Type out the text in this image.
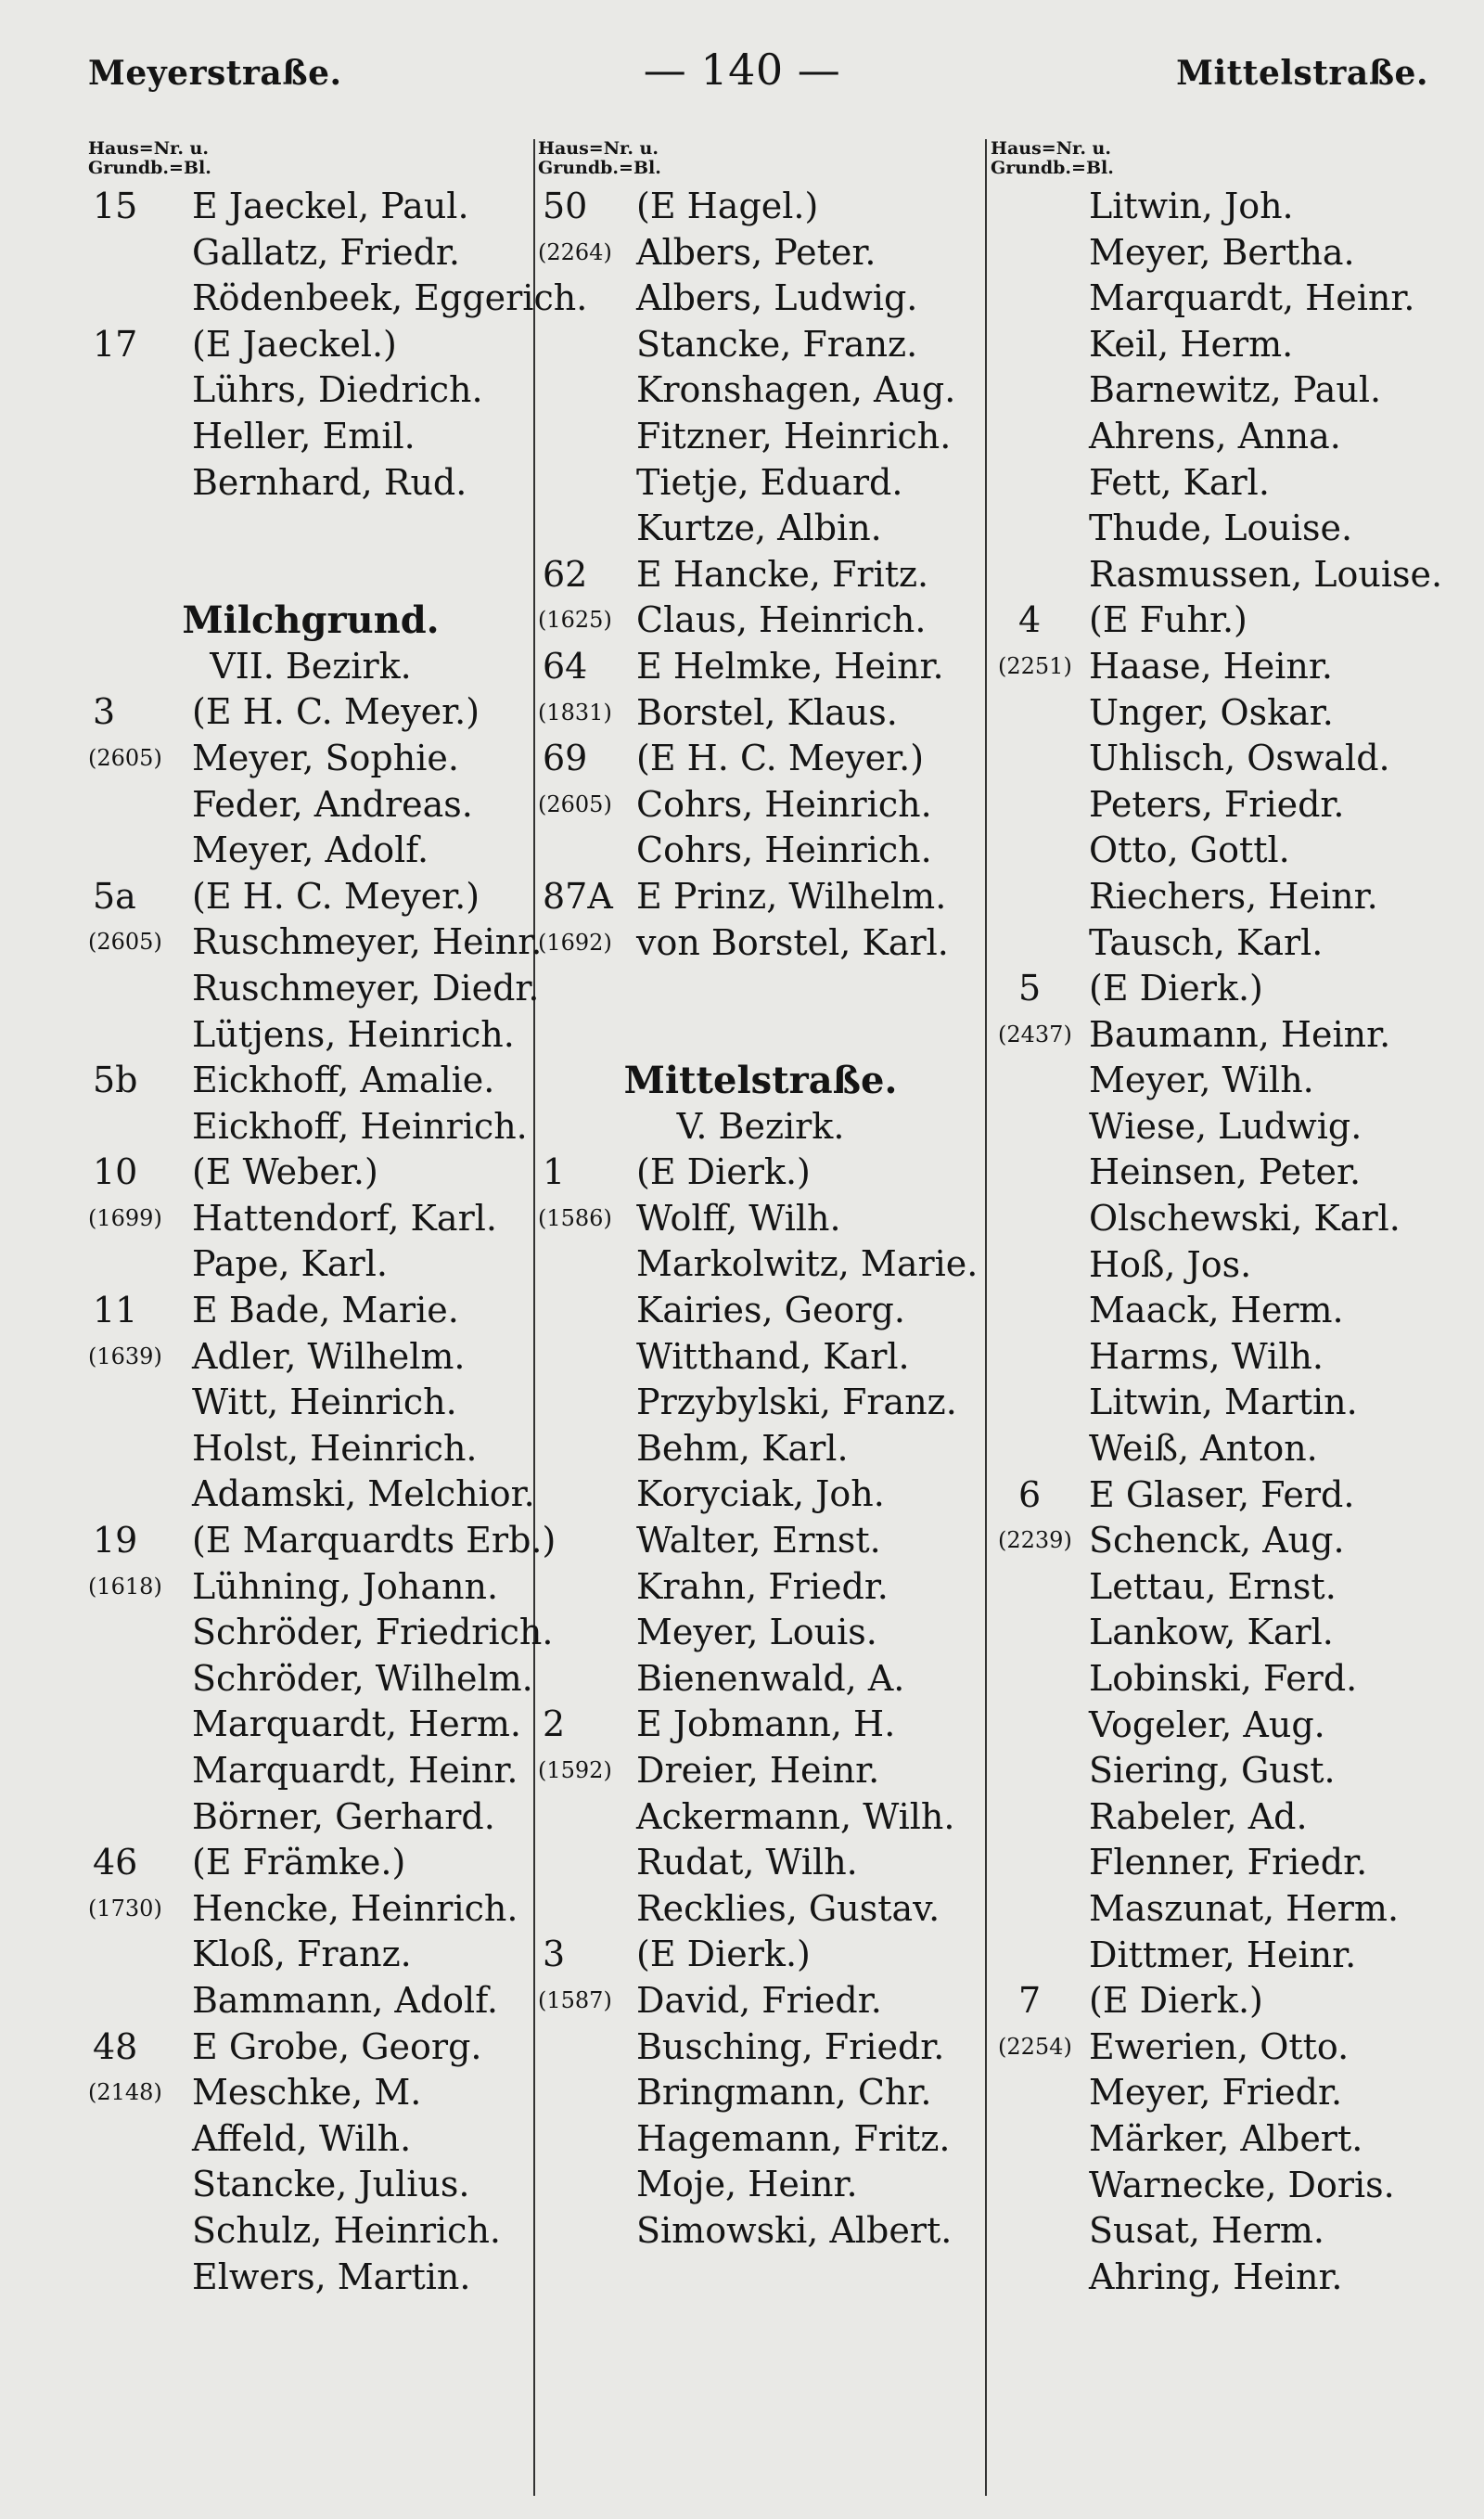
Meyerstraße.	— 140 —	Mittelstraße.
Haus=Nr. u.
Grundb.=Bl.
15	E Jaeckel, Paul.
Gallatz, Friedr.
Rödenbeek, Eggerich.
17	(E Jaeckel.)
Lührs, Diedrich.
Heller, Emil.
Bernhard, Rud.
Milchgrund.
VII. Bezirk.
3	(E H. C. Meyer.)
(2605) Meyer, Sophie.
Feder, Andreas.
Meyer, Adolf.
5a	(E H. C. Meyer.)
(2605) Ruschmeyer, Heinr.
Ruschmeyer, Diedr.
Lütjens, Heinrich.
5b	Eickhoff, Amalie.
Eickhoff, Heinrich.
10	(E Weber.)
(1699) Hattendorf, Karl.
Pape, Karl.
11	E Bade, Marie.
(1639) Adler, Wilhelm.
Witt, Heinrich.
Holst, Heinrich.
Adamski, Melchior.
19	(E Marquardts Erb.)
(1618) Lühning, Johann.
Schröder, Friedrich.
Schröder, Wilhelm.
Marquardt, Herm.
Marquardt, Heinr.
Börner, Gerhard.
46	(E Främke.)
(1730) Hencke, Heinrich.
Kloß, Franz.
Bammann, Adolf.
48	E Grobe, Georg.
(2148) Meschke, M.
Affeld, Wilh.
Stancke, Julius.
Schulz, Heinrich.
Elwers, Martin.
Haus=Nr. u.
Grundb.=Bl.
50	(E Hagel.)
(2264) Albers, Peter.
Albers, Ludwig.
Stancke, Franz.
Kronshagen, Aug.
Fitzner, Heinrich.
Tietje, Eduard.
Kurtze, Albin.
62	E Hancke, Fritz.
(1625) Claus, Heinrich.
64	E Helmke, Heinr.
(1831) Borstel, Klaus.
69	(E H. C. Meyer.)
(2605) Cohrs, Heinrich.
Cohrs, Heinrich.
87A E Prinz, Wilhelm.
(1692) von Borstel, Karl.
Mittelstraße.
V. Bezirk.
1	(E Dierk.)
(1586) Wolff, Wilh.
Markolwitz, Marie.
Kairies, Georg.
Witthand, Karl.
Przybylski, Franz.
Behm, Karl.
Koryciak, Joh.
Walter, Ernst.
Krahn, Friedr.
Meyer, Louis.
Bienenwald, A.
2	E Jobmann, H.
(1592) Dreier, Heinr.
Ackermann, Wilh.
Rudat, Wilh.
Recklies, Gustav.
3	(E Dierk.)
(1587) David, Friedr.
Busching, Friedr.
Bringmann, Chr.
Hagemann, Fritz.
Moje, Heinr.
Simowski, Albert.
Haus=Nr. u.
Grundb.=Bl.
Litwin, Joh.
Meyer, Bertha.
Marquardt, Heinr.
Keil, Herm.
Barnewitz, Paul.
Ahrens, Anna.
Fett, Karl.
Thude, Louise.
Rasmussen, Louise.
4	(E Fuhr.)
(2251) Haase, Heinr.
Unger, Oskar.
Uhlisch, Oswald.
Peters, Friedr.
Otto, Gottl.
Riechers, Heinr.
Tausch, Karl.
5	(E Dierk.)
(2437) Baumann, Heinr.
Meyer, Wilh.
Wiese, Ludwig.
Heinsen, Peter.
Olschewski, Karl.
Hoß, Jos.
Maack, Herm.
Harms, Wilh.
Litwin, Martin.
Weiß, Anton.
6	E Glaser, Ferd.
(2239) Schenck, Aug.
Lettau, Ernst.
Lankow, Karl.
Lobinski, Ferd.
Vogeler, Aug.
Siering, Gust.
Rabeler, Ad.
Flenner, Friedr.
Maszunat, Herm.
Dittmer, Heinr.
7	(E Dierk.)
(2254) Ewerien, Otto.
Meyer, Friedr.
Märker, Albert.
Warnecke, Doris.
Susat, Herm.
Ahring, Heinr.
